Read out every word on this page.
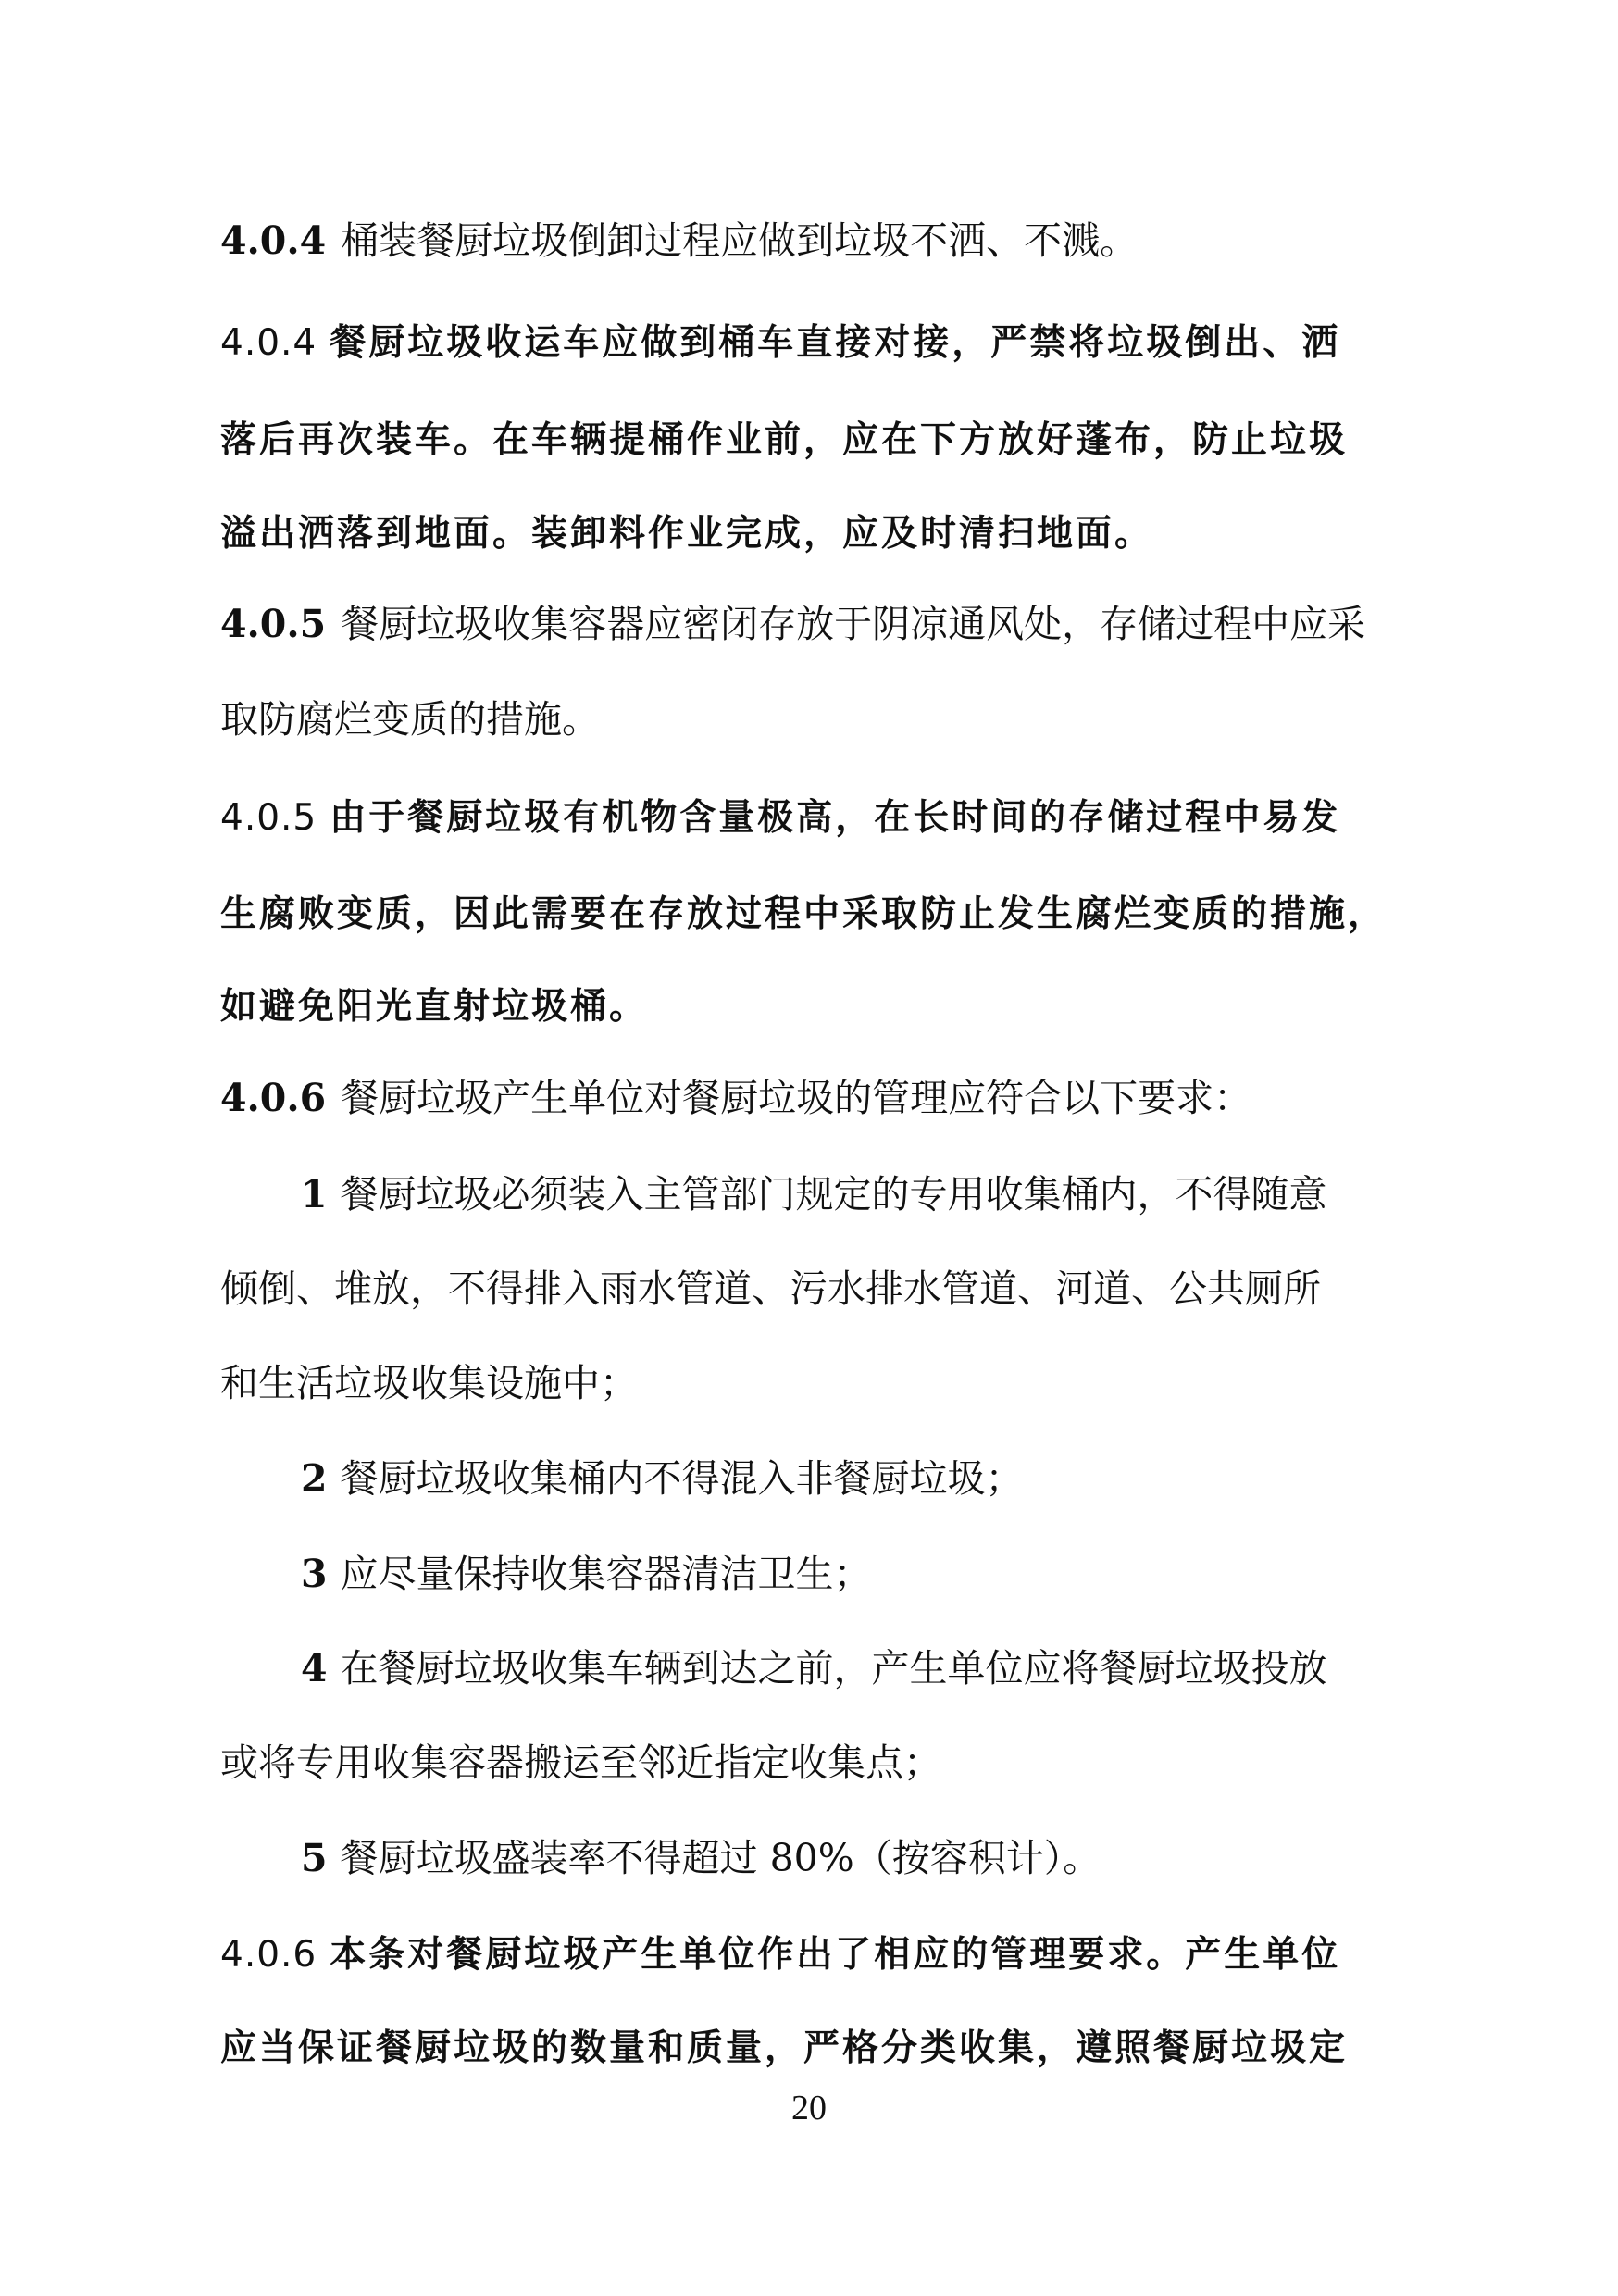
4.0.4 桶装餐厨垃圾倒卸过程应做到垃圾不洒、不溅。
4.0.4 餐厨垃圾收运车应做到桶车直接对接，严禁将垃圾倒出、洒
落后再次装车。在车辆提桶作业前，应在下方放好蓬布，防止垃圾
溢出洒落到地面。装卸料作业完成，应及时清扫地面。
4.0.5 餐厨垃圾收集容器应密闭存放于阴凉通风处，存储过程中应采
取防腐烂变质的措施。
4.0.5 由于餐厨垃圾有机物含量极高，在长时间的存储过程中易发
生腐败变质，因此需要在存放过程中采取防止发生腐烂变质的措施，
如避免阳光直射垃圾桶。
4.0.6 餐厨垃圾产生单位对餐厨垃圾的管理应符合以下要求：
1 餐厨垃圾必须装入主管部门规定的专用收集桶内，不得随意
倾倒、堆放，不得排入雨水管道、污水排水管道、河道、公共厕所
和生活垃圾收集设施中；
2 餐厨垃圾收集桶内不得混入非餐厨垃圾；
3 应尽量保持收集容器清洁卫生；
4 在餐厨垃圾收集车辆到达之前，产生单位应将餐厨垃圾投放
或将专用收集容器搬运至邻近指定收集点；
5 餐厨垃圾盛装率不得超过 80%（按容积计）。
4.0.6 本条对餐厨垃圾产生单位作出了相应的管理要求。产生单位
应当保证餐厨垃圾的数量和质量，严格分类收集，遵照餐厨垃圾定
20
